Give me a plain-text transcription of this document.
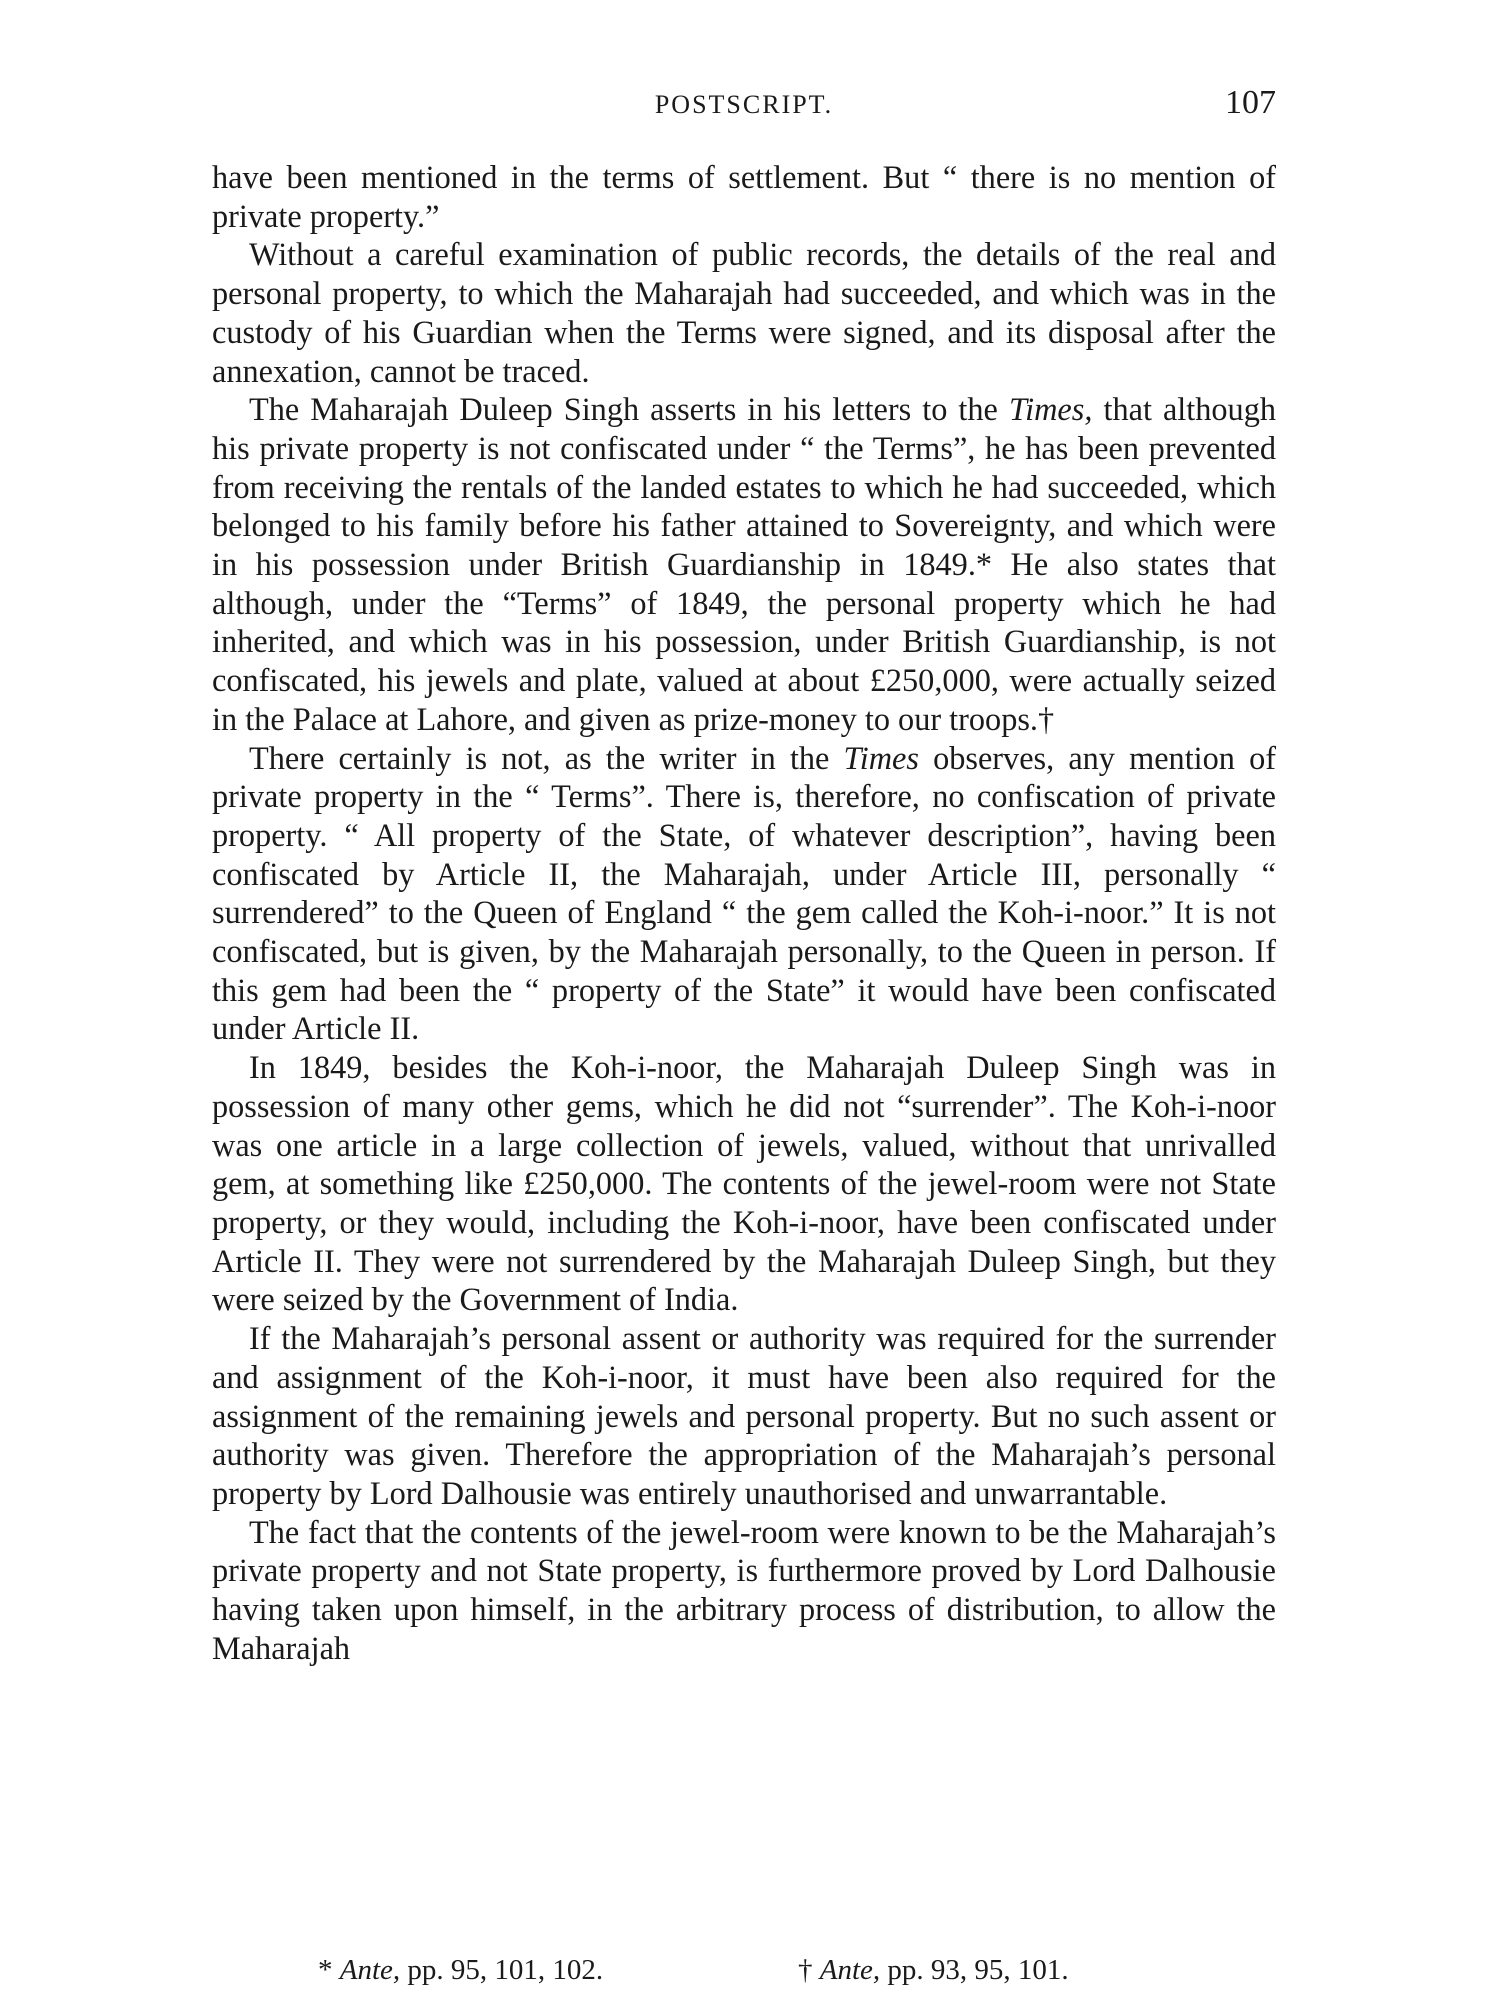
POSTSCRIPT.	107

have been mentioned in the terms of settlement. But “ there is no mention of private property.”

Without a careful examination of public records, the details of the real and personal property, to which the Maharajah had succeeded, and which was in the custody of his Guardian when the Terms were signed, and its disposal after the annexation, cannot be traced.

The Maharajah Duleep Singh asserts in his letters to the Times, that although his private property is not confiscated under “ the Terms”, he has been prevented from receiving the rentals of the landed estates to which he had succeeded, which belonged to his family before his father attained to Sovereignty, and which were in his possession under British Guardianship in 1849.* He also states that although, under the “Terms” of 1849, the personal property which he had inherited, and which was in his possession, under British Guardianship, is not confiscated, his jewels and plate, valued at about £250,000, were actually seized in the Palace at Lahore, and given as prize-money to our troops.†

There certainly is not, as the writer in the Times observes, any mention of private property in the “ Terms”. There is, therefore, no confiscation of private property. “ All property of the State, of whatever description”, having been confiscated by Article II, the Maharajah, under Article III, personally “ surrendered” to the Queen of England “ the gem called the Koh-i-noor.” It is not confiscated, but is given, by the Maharajah personally, to the Queen in person. If this gem had been the “ property of the State” it would have been confiscated under Article II.

In 1849, besides the Koh-i-noor, the Maharajah Duleep Singh was in possession of many other gems, which he did not “surrender”. The Koh-i-noor was one article in a large collection of jewels, valued, without that unrivalled gem, at something like £250,000. The contents of the jewel-room were not State property, or they would, including the Koh-i-noor, have been confiscated under Article II. They were not surrendered by the Maharajah Duleep Singh, but they were seized by the Government of India.

If the Maharajah’s personal assent or authority was required for the surrender and assignment of the Koh-i-noor, it must have been also required for the assignment of the remaining jewels and personal property. But no such assent or authority was given. Therefore the appropriation of the Maharajah’s personal property by Lord Dalhousie was entirely unauthorised and unwarrantable.

The fact that the contents of the jewel-room were known to be the Maharajah’s private property and not State property, is furthermore proved by Lord Dalhousie having taken upon himself, in the arbitrary process of distribution, to allow the Maharajah

* Ante, pp. 95, 101, 102.	† Ante, pp. 93, 95, 101.
